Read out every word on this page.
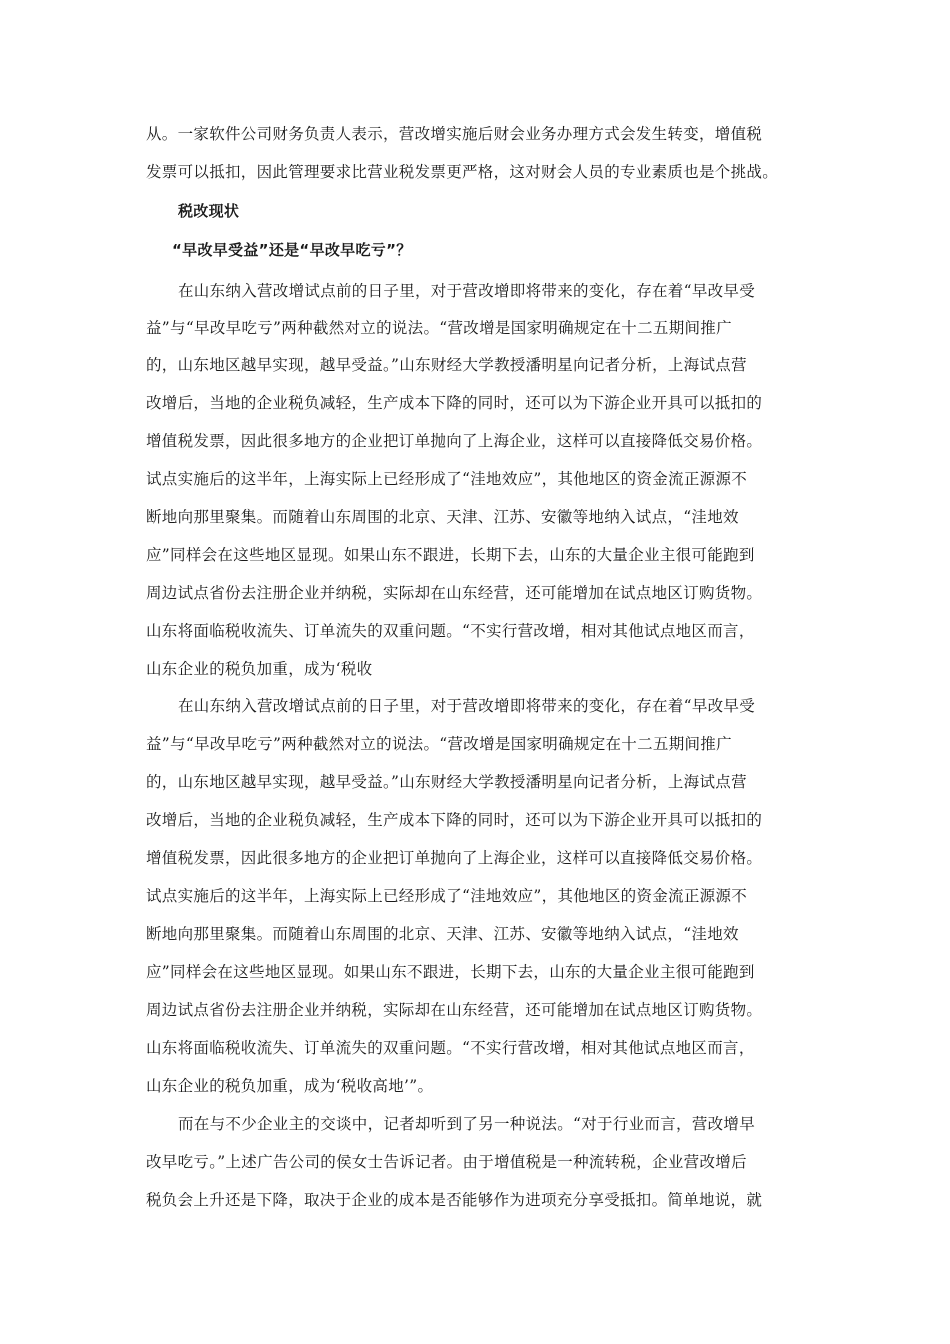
从。一家软件公司财务负责人表示，营改增实施后财会业务办理方式会发生转变，增值税
发票可以抵扣，因此管理要求比营业税发票更严格，这对财会人员的专业素质也是个挑战。
税改现状
“早改早受益”还是“早改早吃亏”？
在山东纳入营改增试点前的日子里，对于营改增即将带来的变化，存在着“早改早受
益”与“早改早吃亏”两种截然对立的说法。“营改增是国家明确规定在十二五期间推广
的，山东地区越早实现，越早受益。”山东财经大学教授潘明星向记者分析，上海试点营
改增后，当地的企业税负减轻，生产成本下降的同时，还可以为下游企业开具可以抵扣的
增值税发票，因此很多地方的企业把订单抛向了上海企业，这样可以直接降低交易价格。
试点实施后的这半年，上海实际上已经形成了“洼地效应”，其他地区的资金流正源源不
断地向那里聚集。而随着山东周围的北京、天津、江苏、安徽等地纳入试点，“洼地效
应”同样会在这些地区显现。如果山东不跟进，长期下去，山东的大量企业主很可能跑到
周边试点省份去注册企业并纳税，实际却在山东经营，还可能增加在试点地区订购货物。
山东将面临税收流失、订单流失的双重问题。“不实行营改增，相对其他试点地区而言，
山东企业的税负加重，成为‘税收
在山东纳入营改增试点前的日子里，对于营改增即将带来的变化，存在着“早改早受
益”与“早改早吃亏”两种截然对立的说法。“营改增是国家明确规定在十二五期间推广
的，山东地区越早实现，越早受益。”山东财经大学教授潘明星向记者分析，上海试点营
改增后，当地的企业税负减轻，生产成本下降的同时，还可以为下游企业开具可以抵扣的
增值税发票，因此很多地方的企业把订单抛向了上海企业，这样可以直接降低交易价格。
试点实施后的这半年，上海实际上已经形成了“洼地效应”，其他地区的资金流正源源不
断地向那里聚集。而随着山东周围的北京、天津、江苏、安徽等地纳入试点，“洼地效
应”同样会在这些地区显现。如果山东不跟进，长期下去，山东的大量企业主很可能跑到
周边试点省份去注册企业并纳税，实际却在山东经营，还可能增加在试点地区订购货物。
山东将面临税收流失、订单流失的双重问题。“不实行营改增，相对其他试点地区而言，
山东企业的税负加重，成为‘税收高地’”。
而在与不少企业主的交谈中，记者却听到了另一种说法。“对于行业而言，营改增早
改早吃亏。”上述广告公司的侯女士告诉记者。由于增值税是一种流转税，企业营改增后
税负会上升还是下降，取决于企业的成本是否能够作为进项充分享受抵扣。简单地说，就
